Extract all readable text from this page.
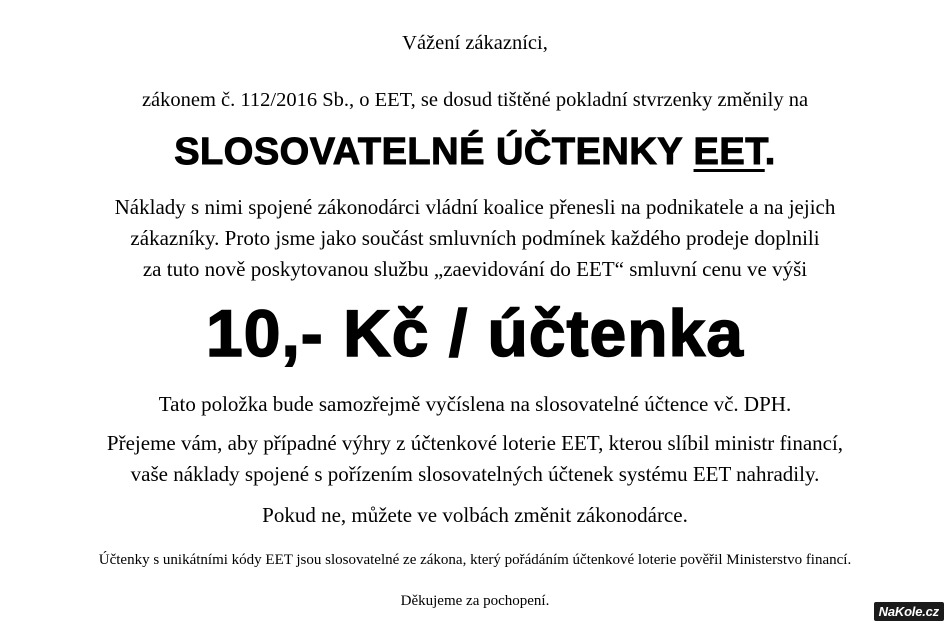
Vážení zákazníci,
zákonem č. 112/2016 Sb., o EET, se dosud tištěné pokladní stvrzenky změnily na
SLOSOVATELNÉ ÚČTENKY EET.
Náklady s nimi spojené zákonodárci vládní koalice přenesli na podnikatele a na jejich
zákazníky. Proto jsme jako součást smluvních podmínek každého prodeje doplnili
za tuto nově poskytovanou službu „zaevidování do EET“ smluvní cenu ve výši
10,- Kč / účtenka
Tato položka bude samozřejmě vyčíslena na slosovatelné účtence vč. DPH.
Přejeme vám, aby případné výhry z účtenkové loterie EET, kterou slíbil ministr financí,
vaše náklady spojené s pořízením slosovatelných účtenek systému EET nahradily.
Pokud ne, můžete ve volbách změnit zákonodárce.
Účtenky s unikátními kódy EET jsou slosovatelné ze zákona, který pořádáním účtenkové loterie pověřil Ministerstvo financí.
Děkujeme za pochopení.
NaKole.cz
